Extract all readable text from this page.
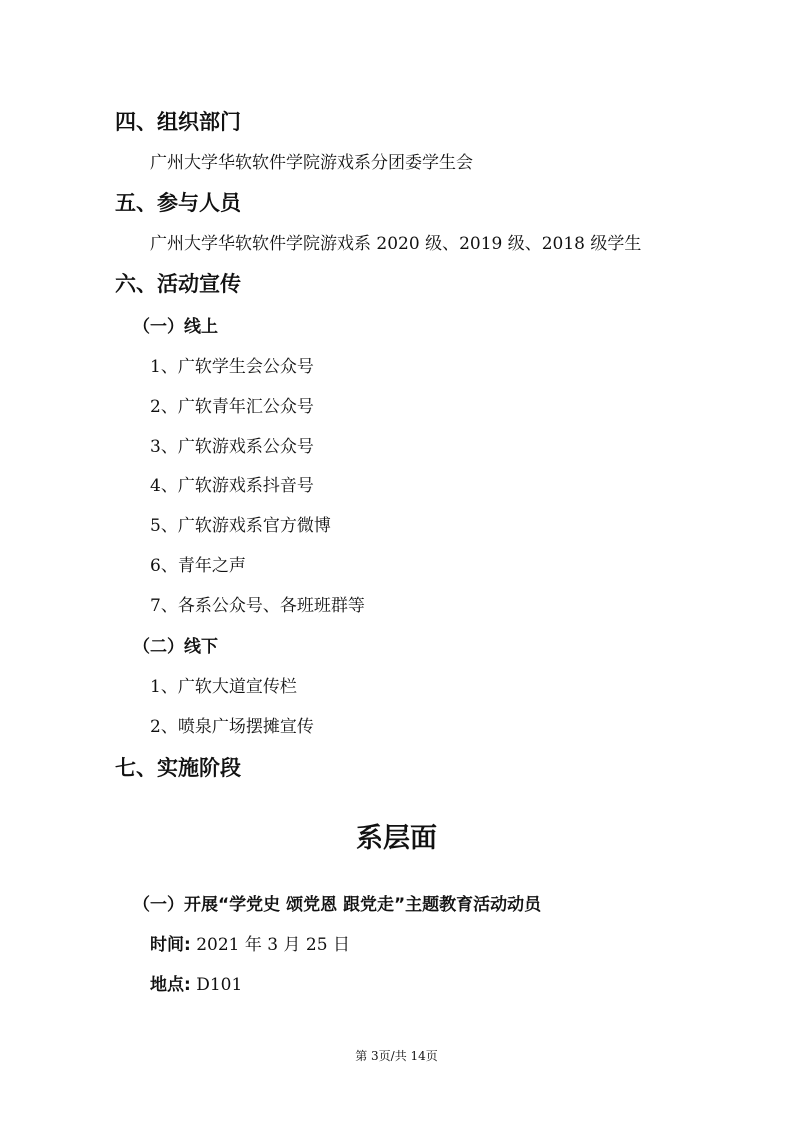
四、组织部门
广州大学华软软件学院游戏系分团委学生会
五、参与人员
广州大学华软软件学院游戏系 2020 级、2019 级、2018 级学生
六、活动宣传
（一）线上
1、广软学生会公众号
2、广软青年汇公众号
3、广软游戏系公众号
4、广软游戏系抖音号
5、广软游戏系官方微博
6、青年之声
7、各系公众号、各班班群等
（二）线下
1、广软大道宣传栏
2、喷泉广场摆摊宣传
七、实施阶段
系层面
（一）开展“学党史 颂党恩 跟党走”主题教育活动动员
时间: 2021 年 3 月 25 日
地点: D101
第 3页/共 14页
